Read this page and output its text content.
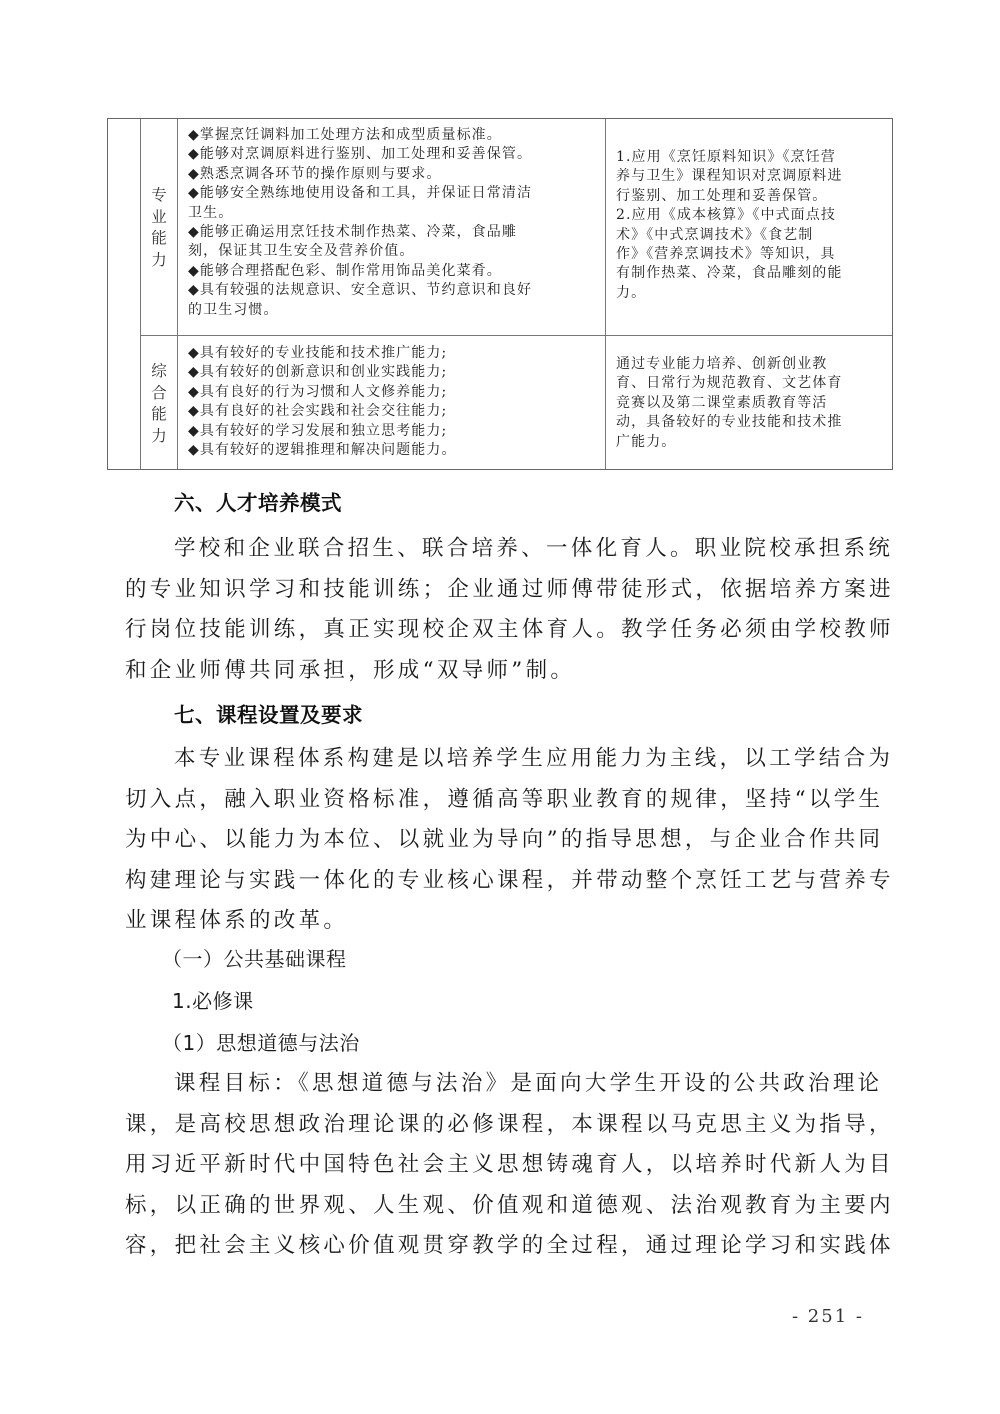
专
业
能
力
◆掌握烹饪调料加工处理方法和成型质量标准。
◆能够对烹调原料进行鉴别、加工处理和妥善保管。
◆熟悉烹调各环节的操作原则与要求。
◆能够安全熟练地使用设备和工具，并保证日常清洁
卫生。
◆能够正确运用烹饪技术制作热菜、冷菜，食品雕
刻，保证其卫生安全及营养价值。
◆能够合理搭配色彩、制作常用饰品美化菜肴。
◆具有较强的法规意识、安全意识、节约意识和良好
的卫生习惯。
1.应用《烹饪原料知识》《烹饪营
养与卫生》课程知识对烹调原料进
行鉴别、加工处理和妥善保管。
2.应用《成本核算》《中式面点技
术》《中式烹调技术》《食艺制
作》《营养烹调技术》等知识，具
有制作热菜、冷菜，食品雕刻的能
力。
综
合
能
力
◆具有较好的专业技能和技术推广能力;
◆具有较好的创新意识和创业实践能力;
◆具有良好的行为习惯和人文修养能力;
◆具有良好的社会实践和社会交往能力;
◆具有较好的学习发展和独立思考能力;
◆具有较好的逻辑推理和解决问题能力。
通过专业能力培养、创新创业教
育、日常行为规范教育、文艺体育
竞赛以及第二课堂素质教育等活
动，具备较好的专业技能和技术推
广能力。
六、人才培养模式
学校和企业联合招生、联合培养、一体化育人。职业院校承担系统
的专业知识学习和技能训练；企业通过师傅带徒形式，依据培养方案进
行岗位技能训练，真正实现校企双主体育人。教学任务必须由学校教师
和企业师傅共同承担，形成“双导师”制。
七、课程设置及要求
本专业课程体系构建是以培养学生应用能力为主线，以工学结合为
切入点，融入职业资格标准，遵循高等职业教育的规律，坚持“以学生
为中心、以能力为本位、以就业为导向”的指导思想，与企业合作共同
构建理论与实践一体化的专业核心课程，并带动整个烹饪工艺与营养专
业课程体系的改革。
（一）公共基础课程
1.必修课
（1）思想道德与法治
课程目标：《思想道德与法治》是面向大学生开设的公共政治理论
课，是高校思想政治理论课的必修课程，本课程以马克思主义为指导，
用习近平新时代中国特色社会主义思想铸魂育人，以培养时代新人为目
标，以正确的世界观、人生观、价值观和道德观、法治观教育为主要内
容，把社会主义核心价值观贯穿教学的全过程，通过理论学习和实践体
- 251 -
